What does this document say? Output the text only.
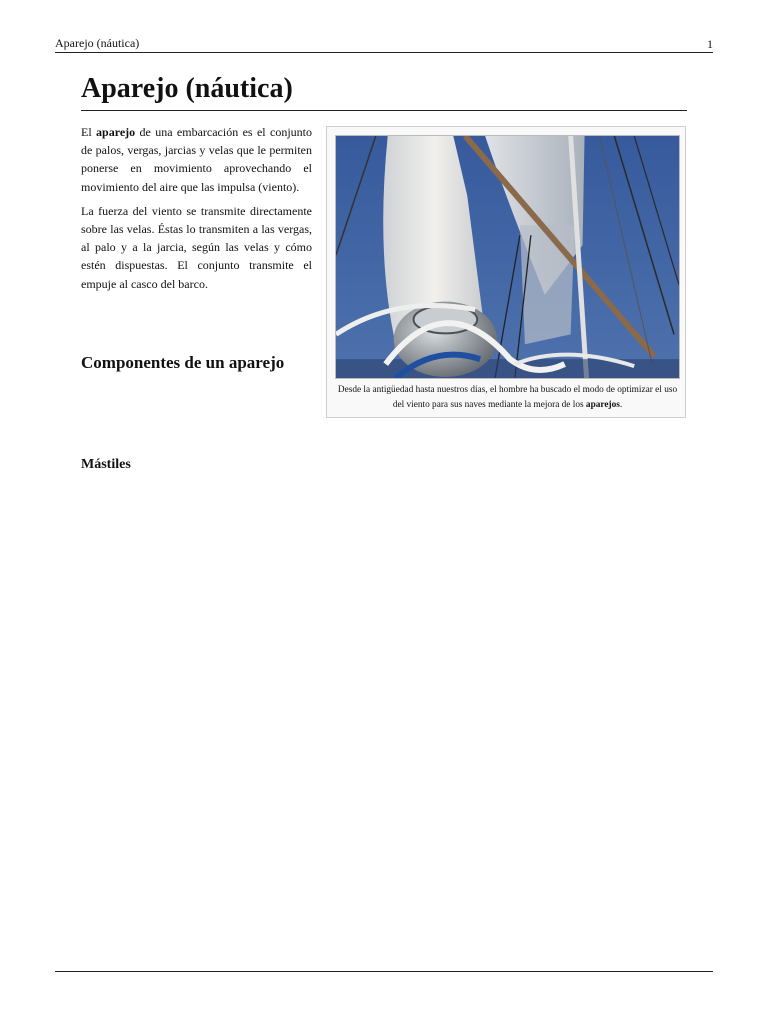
Aparejo (náutica)	1
Aparejo (náutica)

El aparejo de una embarcación es el conjunto de palos, vergas, jarcias y velas que le permiten ponerse en movimiento aprovechando el movimiento del aire que las impulsa (viento).

La fuerza del viento se transmite directamente sobre las velas. Éstas lo transmiten a las vergas, al palo y a la jarcia, según las velas y cómo estén dispuestas. El conjunto transmite el empuje al casco del barco.

Componentes de un aparejo
Mástiles
Desde la antigüedad hasta nuestros días, el hombre ha buscado el modo de optimizar el uso del viento para sus naves mediante la mejora de los aparejos.
